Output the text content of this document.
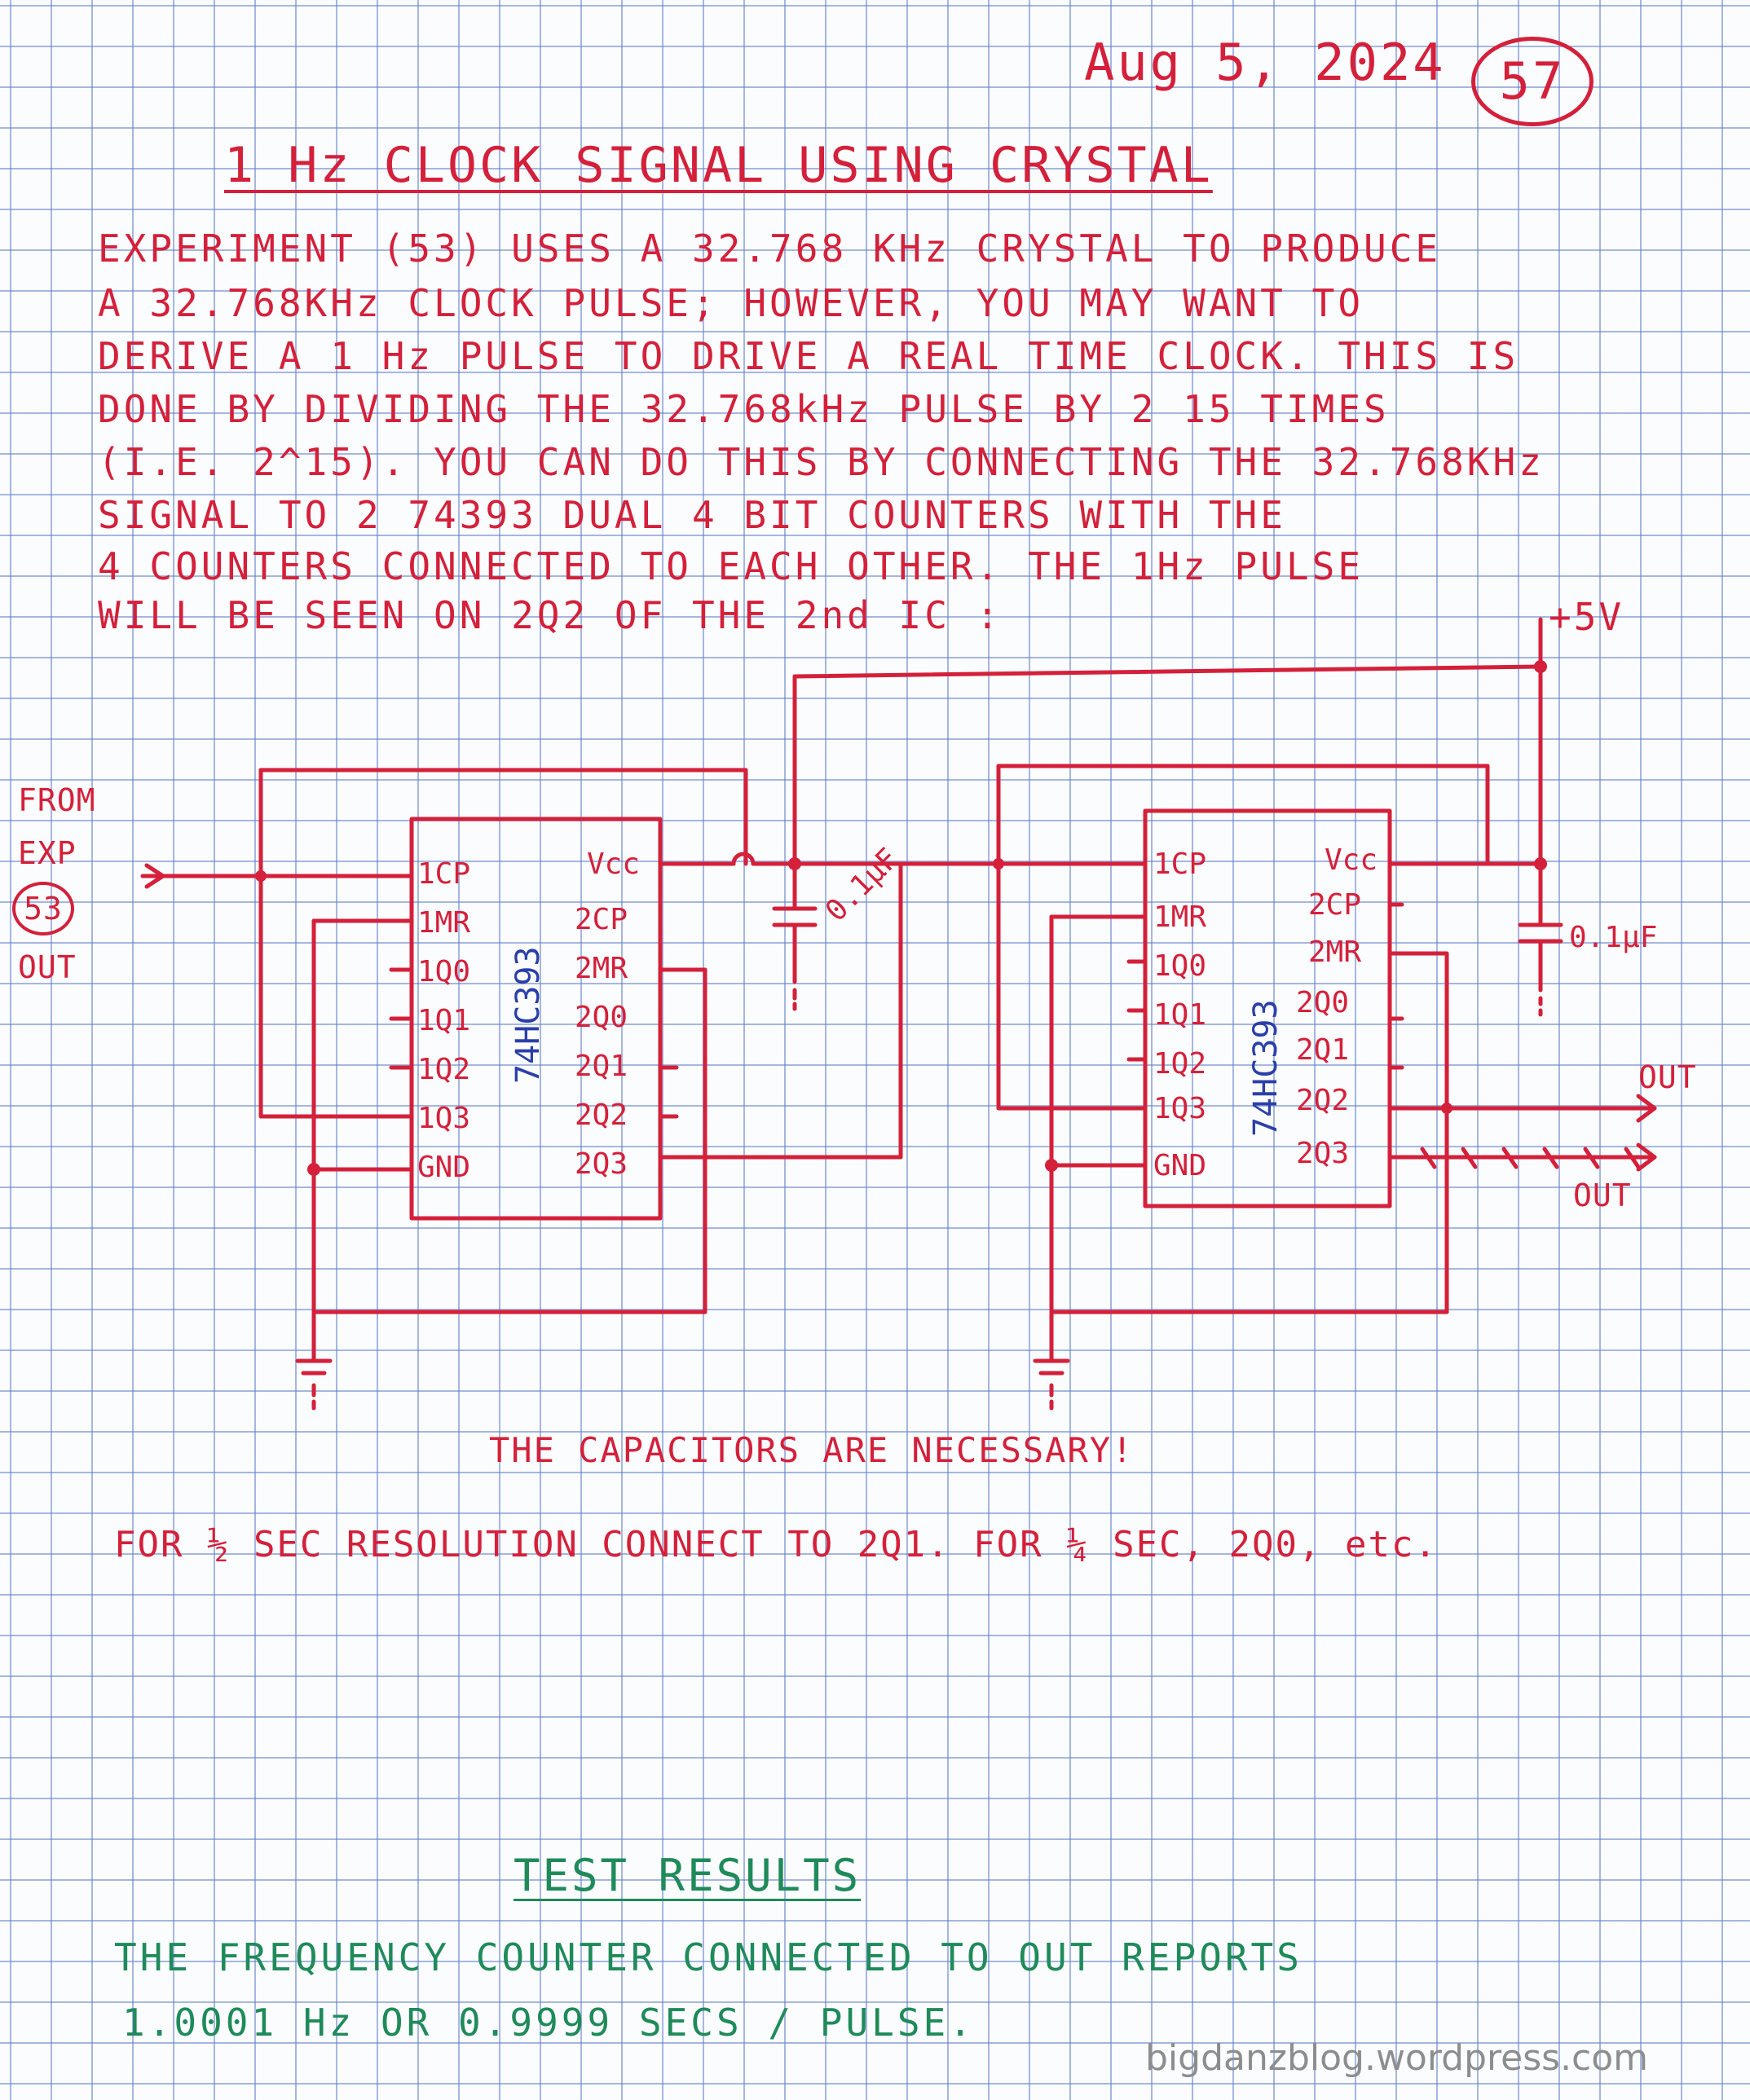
Aug 5, 2024	57
1 Hz CLOCK SIGNAL USING CRYSTAL
EXPERIMENT (53) USES A 32.768 KHz CRYSTAL TO PRODUCE
A 32.768KHz CLOCK PULSE; HOWEVER, YOU MAY WANT TO
DERIVE A 1 Hz PULSE TO DRIVE A REAL TIME CLOCK. THIS IS
DONE BY DIVIDING THE 32.768kHz PULSE BY 2 15 TIMES
(I.E. 2^15). YOU CAN DO THIS BY CONNECTING THE 32.768KHz
SIGNAL TO 2 74393 DUAL 4 BIT COUNTERS WITH THE
4 COUNTERS CONNECTED TO EACH OTHER. THE 1Hz PULSE
WILL BE SEEN ON 2Q2 OF THE 2nd IC :	+5V
FROM
EXP
53
OUT
1CP
1MR
1Q0
1Q1
1Q2
1Q3
GND
Vcc
2CP
2MR
2Q0
2Q1
2Q2
2Q3
74HC393
1CP
1MR
1Q0
1Q1
1Q2
1Q3
GND
Vcc
2CP
2MR
2Q0
2Q1
2Q2
2Q3
74HC393
0.1μF
0.1μF
OUT
OUT
THE CAPACITORS ARE NECESSARY!
FOR ½ SEC RESOLUTION CONNECT TO 2Q1. FOR ¼ SEC, 2Q0, etc.
TEST RESULTS
THE FREQUENCY COUNTER CONNECTED TO OUT REPORTS
1.0001 Hz OR 0.9999 SECS / PULSE.
bigdanzblog.wordpress.com
